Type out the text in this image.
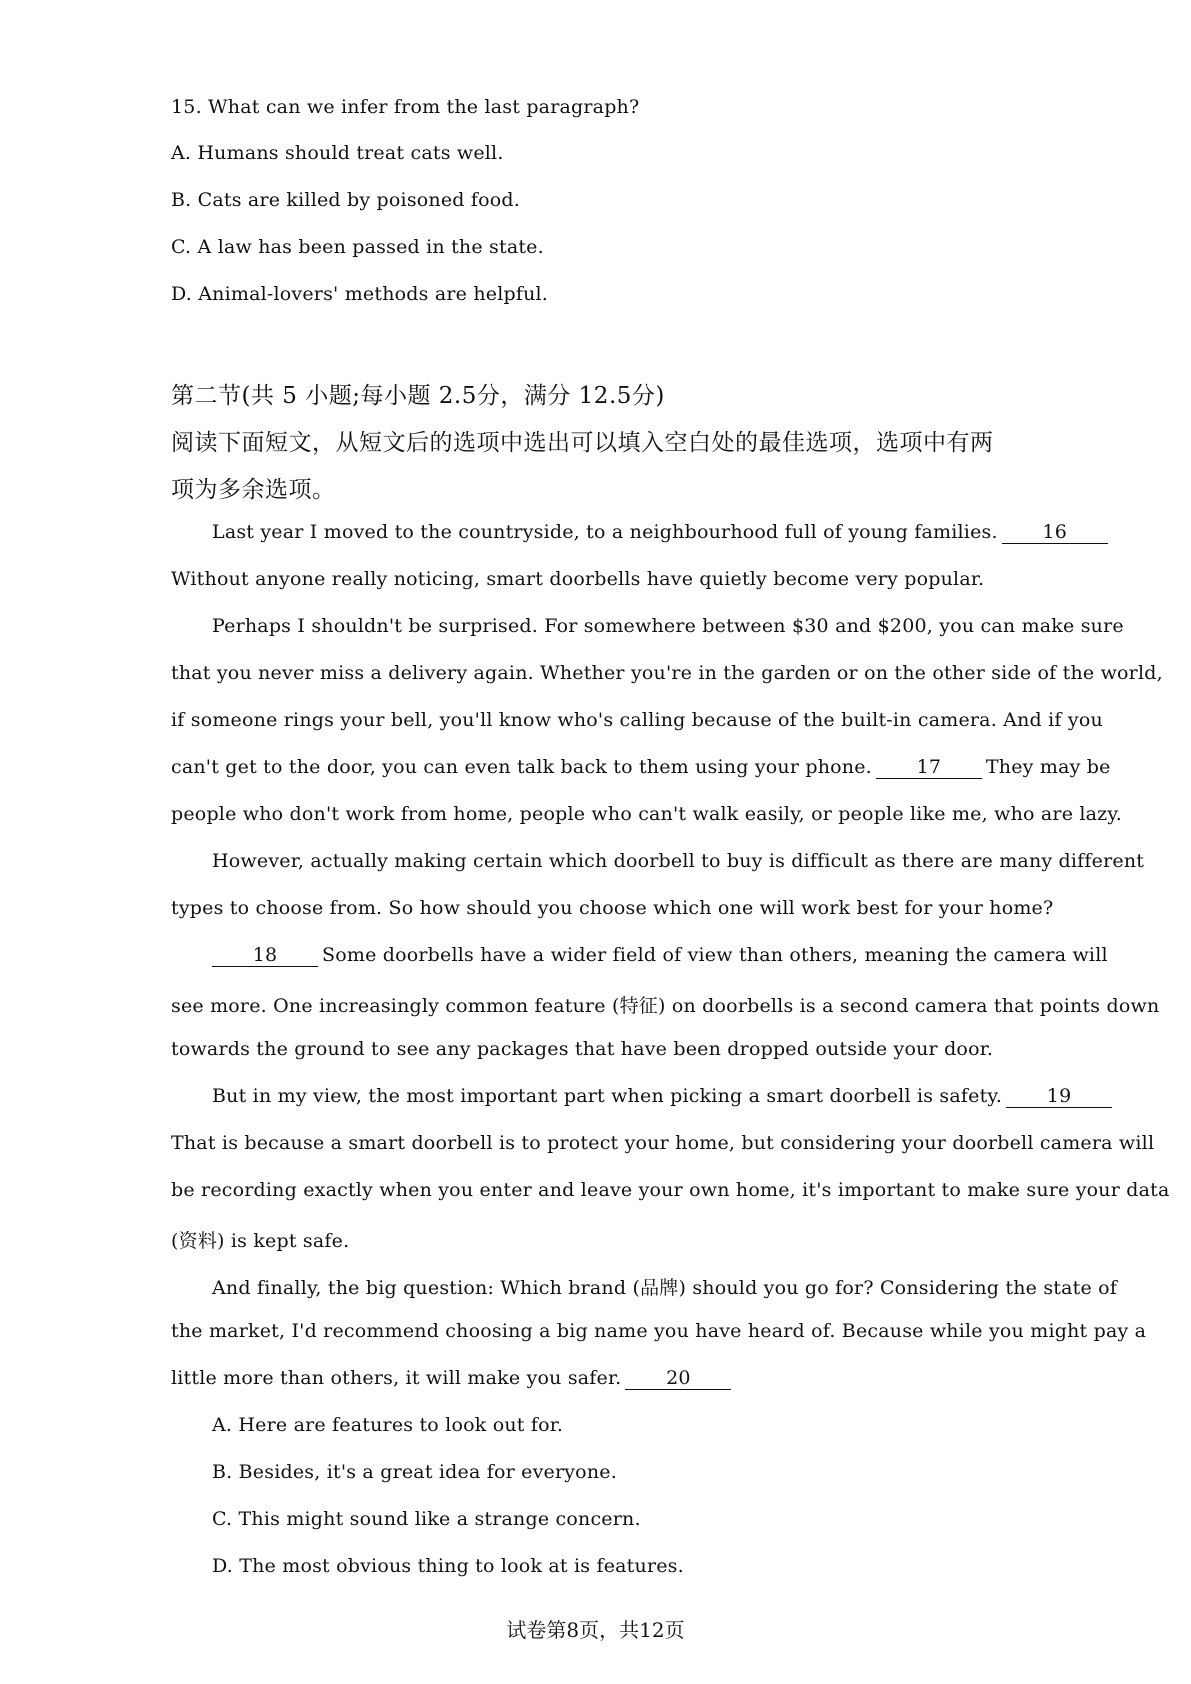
15. What can we infer from the last paragraph?
A. Humans should treat cats well.
B. Cats are killed by poisoned food.
C. A law has been passed in the state.
D. Animal-lovers' methods are helpful.
第二节(共 5 小题;每小题 2.5分，满分 12.5分)
阅读下面短文，从短文后的选项中选出可以填入空白处的最佳选项，选项中有两
项为多余选项。
Last year I moved to the countryside, to a neighbourhood full of young families. 16
Without anyone really noticing, smart doorbells have quietly become very popular.
Perhaps I shouldn't be surprised. For somewhere between $30 and $200, you can make sure
that you never miss a delivery again. Whether you're in the garden or on the other side of the world,
if someone rings your bell, you'll know who's calling because of the built-in camera. And if you
can't get to the door, you can even talk back to them using your phone. 17 They may be
people who don't work from home, people who can't walk easily, or people like me, who are lazy.
However, actually making certain which doorbell to buy is difficult as there are many different
types to choose from. So how should you choose which one will work best for your home?
18 Some doorbells have a wider field of view than others, meaning the camera will
see more. One increasingly common feature (特征) on doorbells is a second camera that points down
towards the ground to see any packages that have been dropped outside your door.
But in my view, the most important part when picking a smart doorbell is safety. 19
That is because a smart doorbell is to protect your home, but considering your doorbell camera will
be recording exactly when you enter and leave your own home, it's important to make sure your data
(资料) is kept safe.
And finally, the big question: Which brand (品牌) should you go for? Considering the state of
the market, I'd recommend choosing a big name you have heard of. Because while you might pay a
little more than others, it will make you safer. 20
A. Here are features to look out for.
B. Besides, it's a great idea for everyone.
C. This might sound like a strange concern.
D. The most obvious thing to look at is features.
试卷第8页，共12页
